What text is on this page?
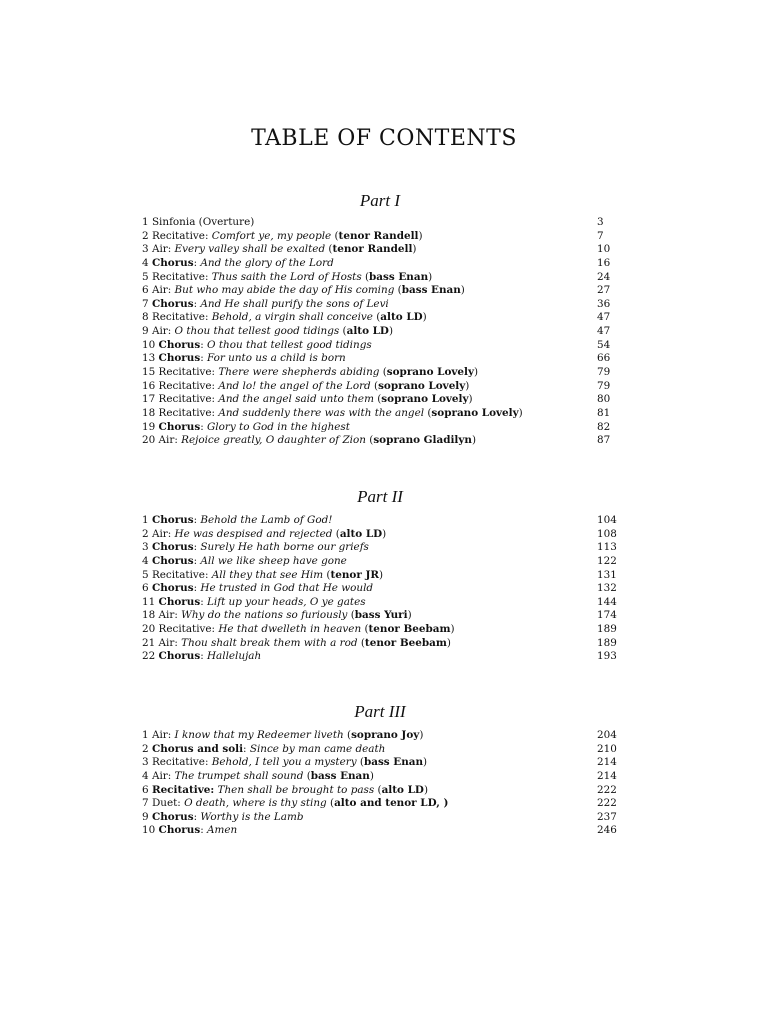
TABLE OF CONTENTS
Part I
1 Sinfonia (Overture)	3
2 Recitative: Comfort ye, my people (tenor Randell)	7
3 Air: Every valley shall be exalted (tenor Randell)	10
4 Chorus: And the glory of the Lord	16
5 Recitative: Thus saith the Lord of Hosts (bass Enan)	24
6 Air: But who may abide the day of His coming (bass Enan)	27
7 Chorus: And He shall purify the sons of Levi	36
8 Recitative: Behold, a virgin shall conceive (alto LD)	47
9 Air: O thou that tellest good tidings (alto LD)	47
10 Chorus: O thou that tellest good tidings	54
13 Chorus: For unto us a child is born	66
15 Recitative: There were shepherds abiding (soprano Lovely)	79
16 Recitative: And lo! the angel of the Lord (soprano Lovely)	79
17 Recitative: And the angel said unto them (soprano Lovely)	80
18 Recitative: And suddenly there was with the angel (soprano Lovely)	81
19 Chorus: Glory to God in the highest	82
20 Air: Rejoice greatly, O daughter of Zion (soprano Gladilyn)	87
Part II
1 Chorus: Behold the Lamb of God!	104
2 Air: He was despised and rejected (alto LD)	108
3 Chorus: Surely He hath borne our griefs	113
4 Chorus: All we like sheep have gone	122
5 Recitative: All they that see Him (tenor JR)	131
6 Chorus: He trusted in God that He would	132
11 Chorus: Lift up your heads, O ye gates	144
18 Air: Why do the nations so furiously (bass Yuri)	174
20 Recitative: He that dwelleth in heaven (tenor Beebam)	189
21 Air: Thou shalt break them with a rod (tenor Beebam)	189
22 Chorus: Hallelujah	193
Part III
1 Air: I know that my Redeemer liveth (soprano Joy)	204
2 Chorus and soli: Since by man came death	210
3 Recitative: Behold, I tell you a mystery (bass Enan)	214
4 Air: The trumpet shall sound (bass Enan)	214
6 Recitative: Then shall be brought to pass (alto LD)	222
7 Duet: O death, where is thy sting (alto and tenor LD, )	222
9 Chorus: Worthy is the Lamb	237
10 Chorus: Amen	246
